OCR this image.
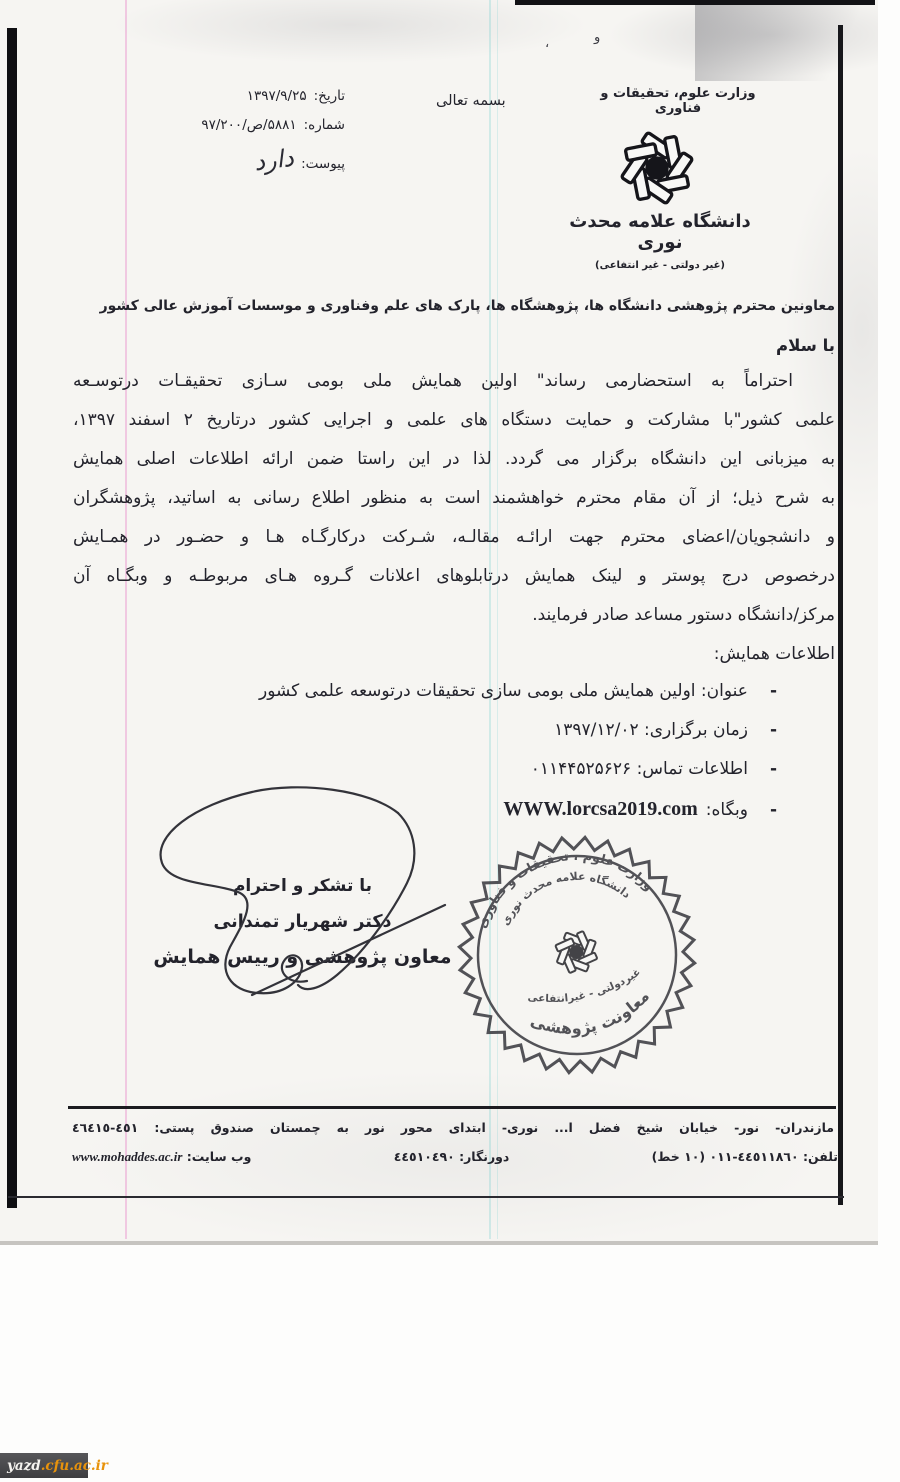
،	و
وزارت علوم، تحقیقات و فناوری
دانشگاه علامه محدث نوری
(غیر دولتی - غیر انتفاعی)
بسمه تعالی
تاریخ:
۱۳۹۷/۹/۲۵
شماره:
۵۸۸۱/ص/۹۷/۲۰۰
پیوست:
دارد
معاونین محترم پژوهشی دانشگاه ها، پژوهشگاه ها، پارک های علم وفناوری و موسسات آموزش عالی کشور
با سلام
احتراماً به استحضارمی رساند" اولین همایش ملی بومی سـازی تحقیقـات درتوسـعه
علمی کشور"با مشارکت و حمایت دستگاه های علمی و اجرایی کشور درتاریخ ۲ اسفند ۱۳۹۷،
به میزبانی این دانشگاه برگزار می گردد. لذا در این راستا ضمن ارائه اطلاعات اصلی همایش
به شرح ذیل؛ از آن مقام محترم خواهشمند است به منظور اطلاع رسانی به اساتید، پژوهشگران
و دانشجویان/اعضای محترم جهت ارائـه مقالـه، شـرکت درکارگـاه هـا و حضـور در همـایش
درخصوص درج پوستر و لینک همایش درتابلوهای اعلانات گـروه هـای مربوطـه و وبگـاه آن
مرکز/دانشگاه دستور مساعد صادر فرمایند.
اطلاعات همایش:
-
عنوان: اولین همایش ملی بومی سازی تحقیقات درتوسعه علمی کشور
-
زمان برگزاری: ۱۳۹۷/۱۲/۰۲
-
اطلاعات تماس: ۰۱۱۴۴۵۲۵۶۲۶
-
وبگاه:
WWW.lorcsa2019.com
با تشکر و احترام
دکتر شهریار تمندانی
معاون پژوهشی و رییس همایش
وزارت علوم ، تحقیقات و فناوری
دانشگاه علامه محدث نوری
غیردولتی - غیرانتفاعی
معاونت پژوهشی
مازندران- نور- خیابان شیخ فضل ا... نوری- ابتدای محور نور به چمستان صندوق پستی: ٤٥١-٤٦٤١٥
تلفن: ٤٤٥١١٨٦٠-٠١١ (١٠ خط)
دورنگار: ٤٤٥١٠٤٩٠
وب سایت: www.mohaddes.ac.ir
yazd .cfu.ac.ir
